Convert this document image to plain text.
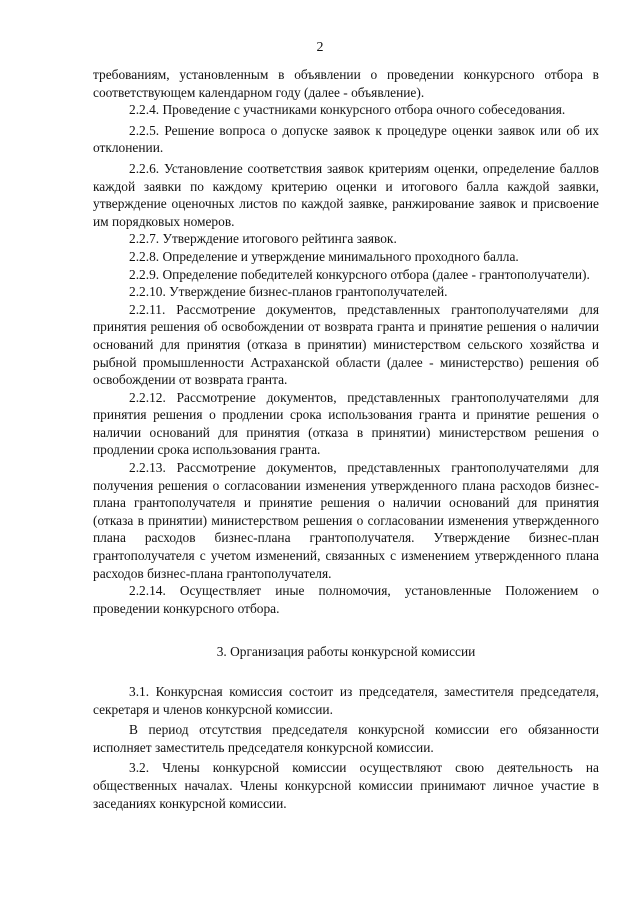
2

требованиям, установленным в объявлении о проведении конкурсного отбора в соответствующем календарном году (далее - объявление).

2.2.4. Проведение с участниками конкурсного отбора очного собеседования.

2.2.5. Решение вопроса о допуске заявок к процедуре оценки заявок или об их отклонении.

2.2.6. Установление соответствия заявок критериям оценки, определение баллов каждой заявки по каждому критерию оценки и итогового балла каждой заявки, утверждение оценочных листов по каждой заявке, ранжирование заявок и присвоение им порядковых номеров.

2.2.7. Утверждение итогового рейтинга заявок.

2.2.8. Определение и утверждение минимального проходного балла.

2.2.9. Определение победителей конкурсного отбора (далее - грантополучатели).

2.2.10. Утверждение бизнес-планов грантополучателей.

2.2.11. Рассмотрение документов, представленных грантополучателями для принятия решения об освобождении от возврата гранта и принятие решения о наличии оснований для принятия (отказа в принятии) министерством сельского хозяйства и рыбной промышленности Астраханской области (далее - министерство) решения об освобождении от возврата гранта.

2.2.12. Рассмотрение документов, представленных грантополучателями для принятия решения о продлении срока использования гранта и принятие решения о наличии оснований для принятия (отказа в принятии) министерством решения о продлении срока использования гранта.

2.2.13. Рассмотрение документов, представленных грантополучателями для получения решения о согласовании изменения утвержденного плана расходов бизнес-плана грантополучателя и принятие решения о наличии оснований для принятия (отказа в принятии) министерством решения о согласовании изменения утвержденного плана расходов бизнес-плана грантополучателя. Утверждение бизнес-план грантополучателя с учетом изменений, связанных с изменением утвержденного плана расходов бизнес-плана грантополучателя.

2.2.14. Осуществляет иные полномочия, установленные Положением о проведении конкурсного отбора.

3. Организация работы конкурсной комиссии

3.1. Конкурсная комиссия состоит из председателя, заместителя председателя, секретаря и членов конкурсной комиссии.

В период отсутствия председателя конкурсной комиссии его обязанности исполняет заместитель председателя конкурсной комиссии.

3.2. Члены конкурсной комиссии осуществляют свою деятельность на общественных началах. Члены конкурсной комиссии принимают личное участие в заседаниях конкурсной комиссии.
